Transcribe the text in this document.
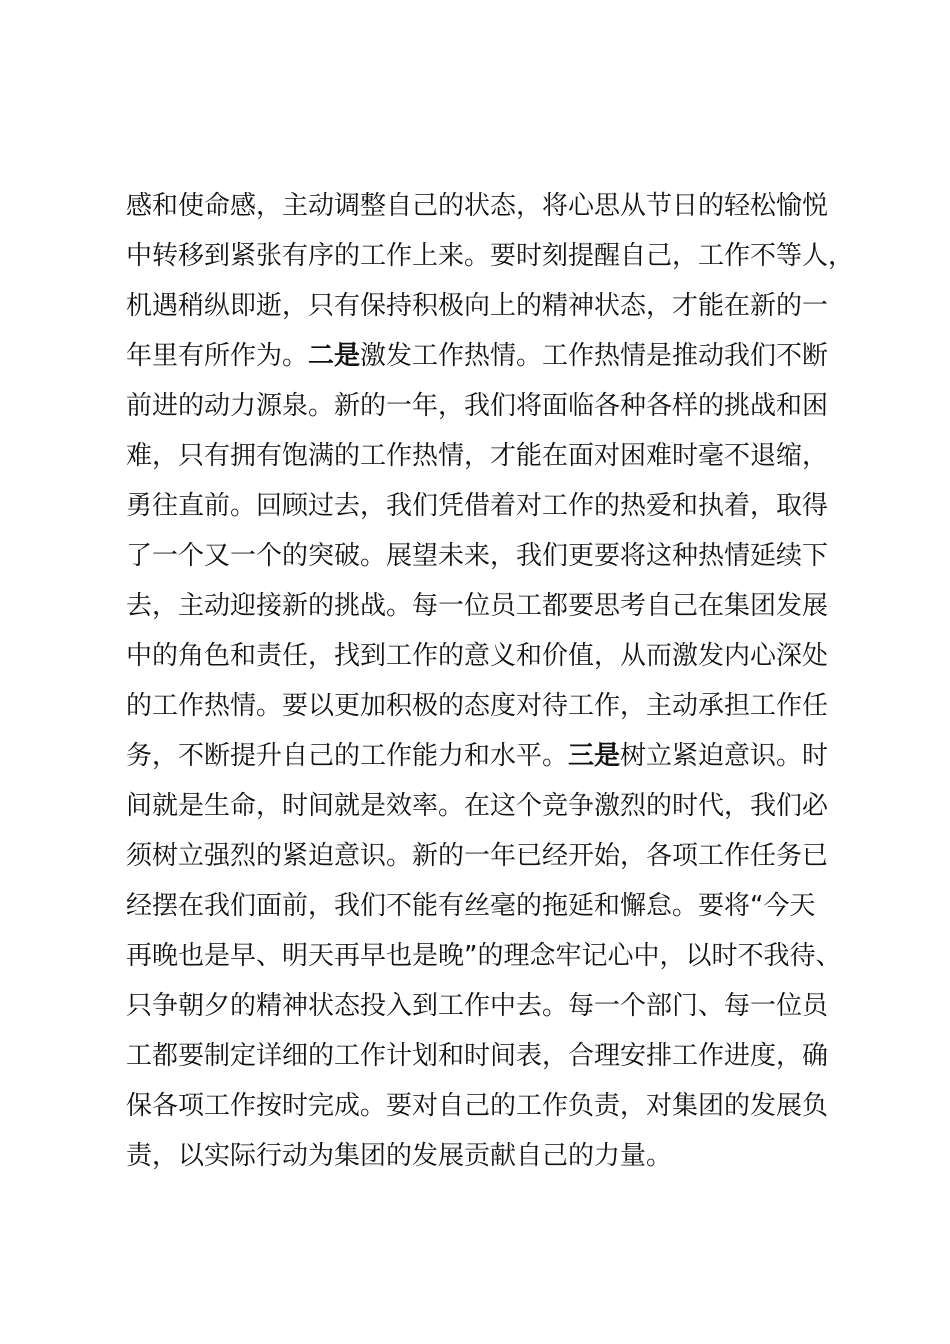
感和使命感，主动调整自己的状态，将心思从节日的轻松愉悦
中转移到紧张有序的工作上来。要时刻提醒自己，工作不等人，
机遇稍纵即逝，只有保持积极向上的精神状态，才能在新的一
年里有所作为。二是激发工作热情。工作热情是推动我们不断
前进的动力源泉。新的一年，我们将面临各种各样的挑战和困
难，只有拥有饱满的工作热情，才能在面对困难时毫不退缩，
勇往直前。回顾过去，我们凭借着对工作的热爱和执着，取得
了一个又一个的突破。展望未来，我们更要将这种热情延续下
去，主动迎接新的挑战。每一位员工都要思考自己在集团发展
中的角色和责任，找到工作的意义和价值，从而激发内心深处
的工作热情。要以更加积极的态度对待工作，主动承担工作任
务，不断提升自己的工作能力和水平。三是树立紧迫意识。时
间就是生命，时间就是效率。在这个竞争激烈的时代，我们必
须树立强烈的紧迫意识。新的一年已经开始，各项工作任务已
经摆在我们面前，我们不能有丝毫的拖延和懈怠。要将“今天
再晚也是早、明天再早也是晚”的理念牢记心中，以时不我待、
只争朝夕的精神状态投入到工作中去。每一个部门、每一位员
工都要制定详细的工作计划和时间表，合理安排工作进度，确
保各项工作按时完成。要对自己的工作负责，对集团的发展负
责，以实际行动为集团的发展贡献自己的力量。
